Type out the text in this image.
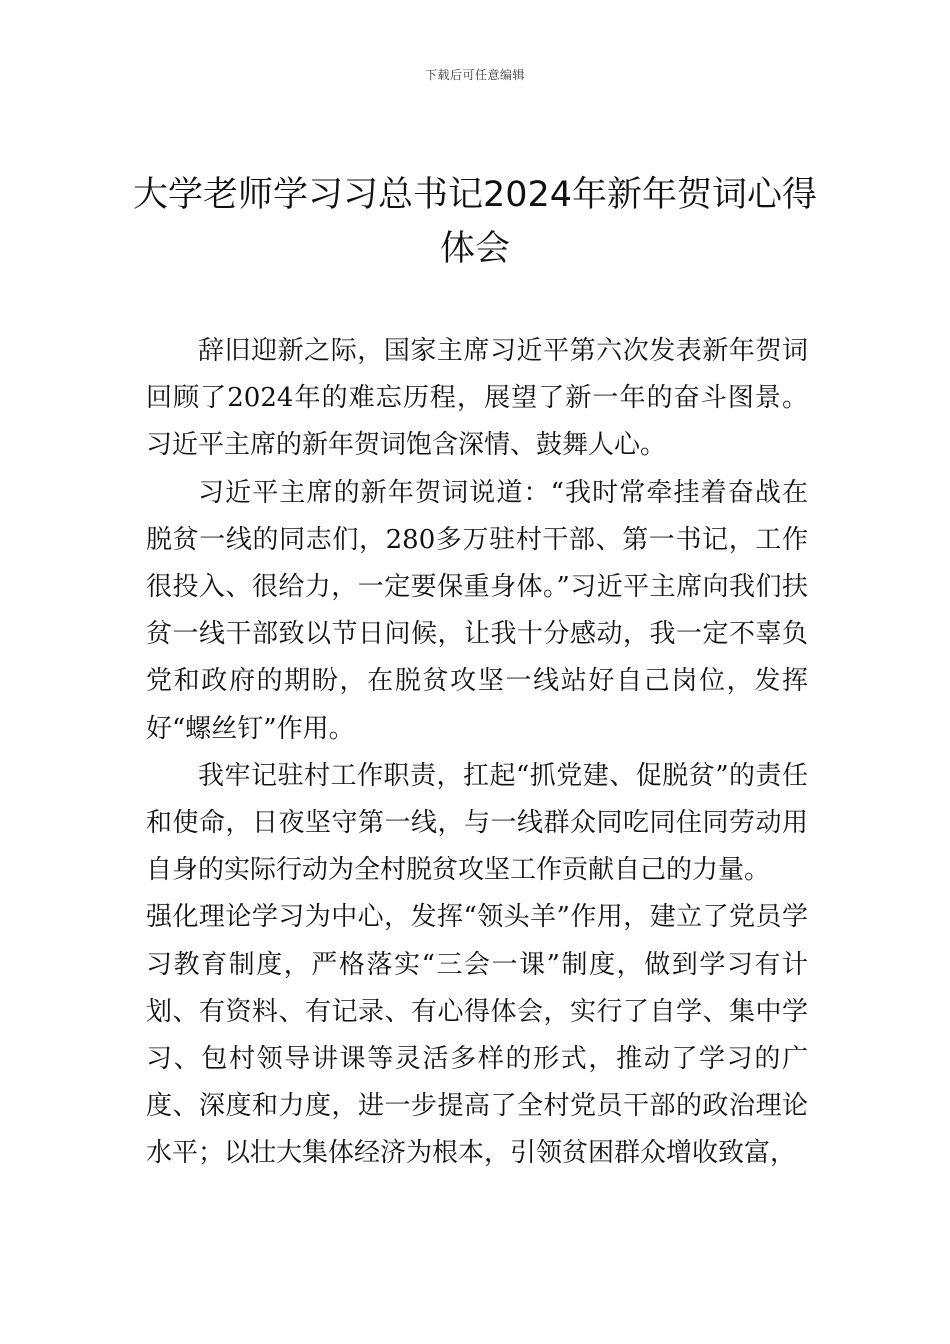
下载后可任意编辑
大学老师学习习总书记2024年新年贺词心得体会

辞旧迎新之际，国家主席习近平第六次发表新年贺词回顾了2024年的难忘历程，展望了新一年的奋斗图景。习近平主席的新年贺词饱含深情、鼓舞人心。

习近平主席的新年贺词说道：“我时常牵挂着奋战在脱贫一线的同志们，280多万驻村干部、第一书记，工作很投入、很给力，一定要保重身体。”习近平主席向我们扶贫一线干部致以节日问候，让我十分感动，我一定不辜负党和政府的期盼，在脱贫攻坚一线站好自己岗位，发挥好“螺丝钉”作用。

我牢记驻村工作职责，扛起“抓党建、促脱贫”的责任和使命，日夜坚守第一线，与一线群众同吃同住同劳动用自身的实际行动为全村脱贫攻坚工作贡献自己的力量。

强化理论学习为中心，发挥“领头羊”作用，建立了党员学习教育制度，严格落实“三会一课”制度，做到学习有计划、有资料、有记录、有心得体会，实行了自学、集中学习、包村领导讲课等灵活多样的形式，推动了学习的广度、深度和力度，进一步提高了全村党员干部的政治理论水平；以壮大集体经济为根本，引领贫困群众增收致富，
